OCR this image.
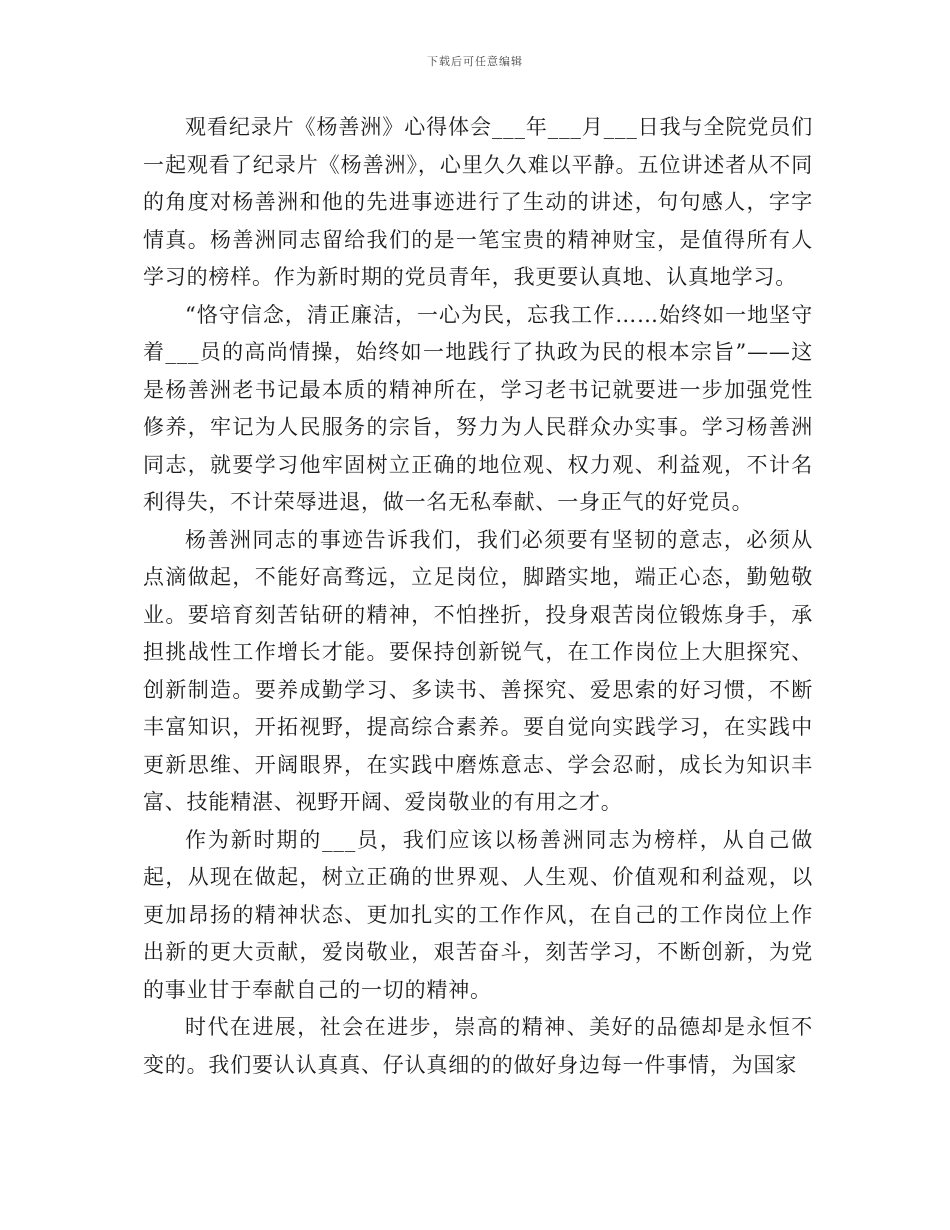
下载后可任意编辑

观看纪录片《杨善洲》心得体会___年___月___日我与全院党员们一起观看了纪录片《杨善洲》，心里久久难以平静。五位讲述者从不同的角度对杨善洲和他的先进事迹进行了生动的讲述，句句感人，字字情真。杨善洲同志留给我们的是一笔宝贵的精神财宝，是值得所有人学习的榜样。作为新时期的党员青年，我更要认真地、认真地学习。

“恪守信念，清正廉洁，一心为民，忘我工作……始终如一地坚守着___员的高尚情操，始终如一地践行了执政为民的根本宗旨”——这是杨善洲老书记最本质的精神所在，学习老书记就要进一步加强党性修养，牢记为人民服务的宗旨，努力为人民群众办实事。学习杨善洲同志，就要学习他牢固树立正确的地位观、权力观、利益观，不计名利得失，不计荣辱进退，做一名无私奉献、一身正气的好党员。

杨善洲同志的事迹告诉我们，我们必须要有坚韧的意志，必须从点滴做起，不能好高骛远，立足岗位，脚踏实地，端正心态，勤勉敬业。要培育刻苦钻研的精神，不怕挫折，投身艰苦岗位锻炼身手，承担挑战性工作增长才能。要保持创新锐气，在工作岗位上大胆探究、创新制造。要养成勤学习、多读书、善探究、爱思索的好习惯，不断丰富知识，开拓视野，提高综合素养。要自觉向实践学习，在实践中更新思维、开阔眼界，在实践中磨炼意志、学会忍耐，成长为知识丰富、技能精湛、视野开阔、爱岗敬业的有用之才。

作为新时期的___员，我们应该以杨善洲同志为榜样，从自己做起，从现在做起，树立正确的世界观、人生观、价值观和利益观，以更加昂扬的精神状态、更加扎实的工作作风，在自己的工作岗位上作出新的更大贡献，爱岗敬业，艰苦奋斗，刻苦学习，不断创新，为党的事业甘于奉献自己的一切的精神。

时代在进展，社会在进步，崇高的精神、美好的品德却是永恒不变的。我们要认认真真、仔认真细的的做好身边每一件事情，为国家
